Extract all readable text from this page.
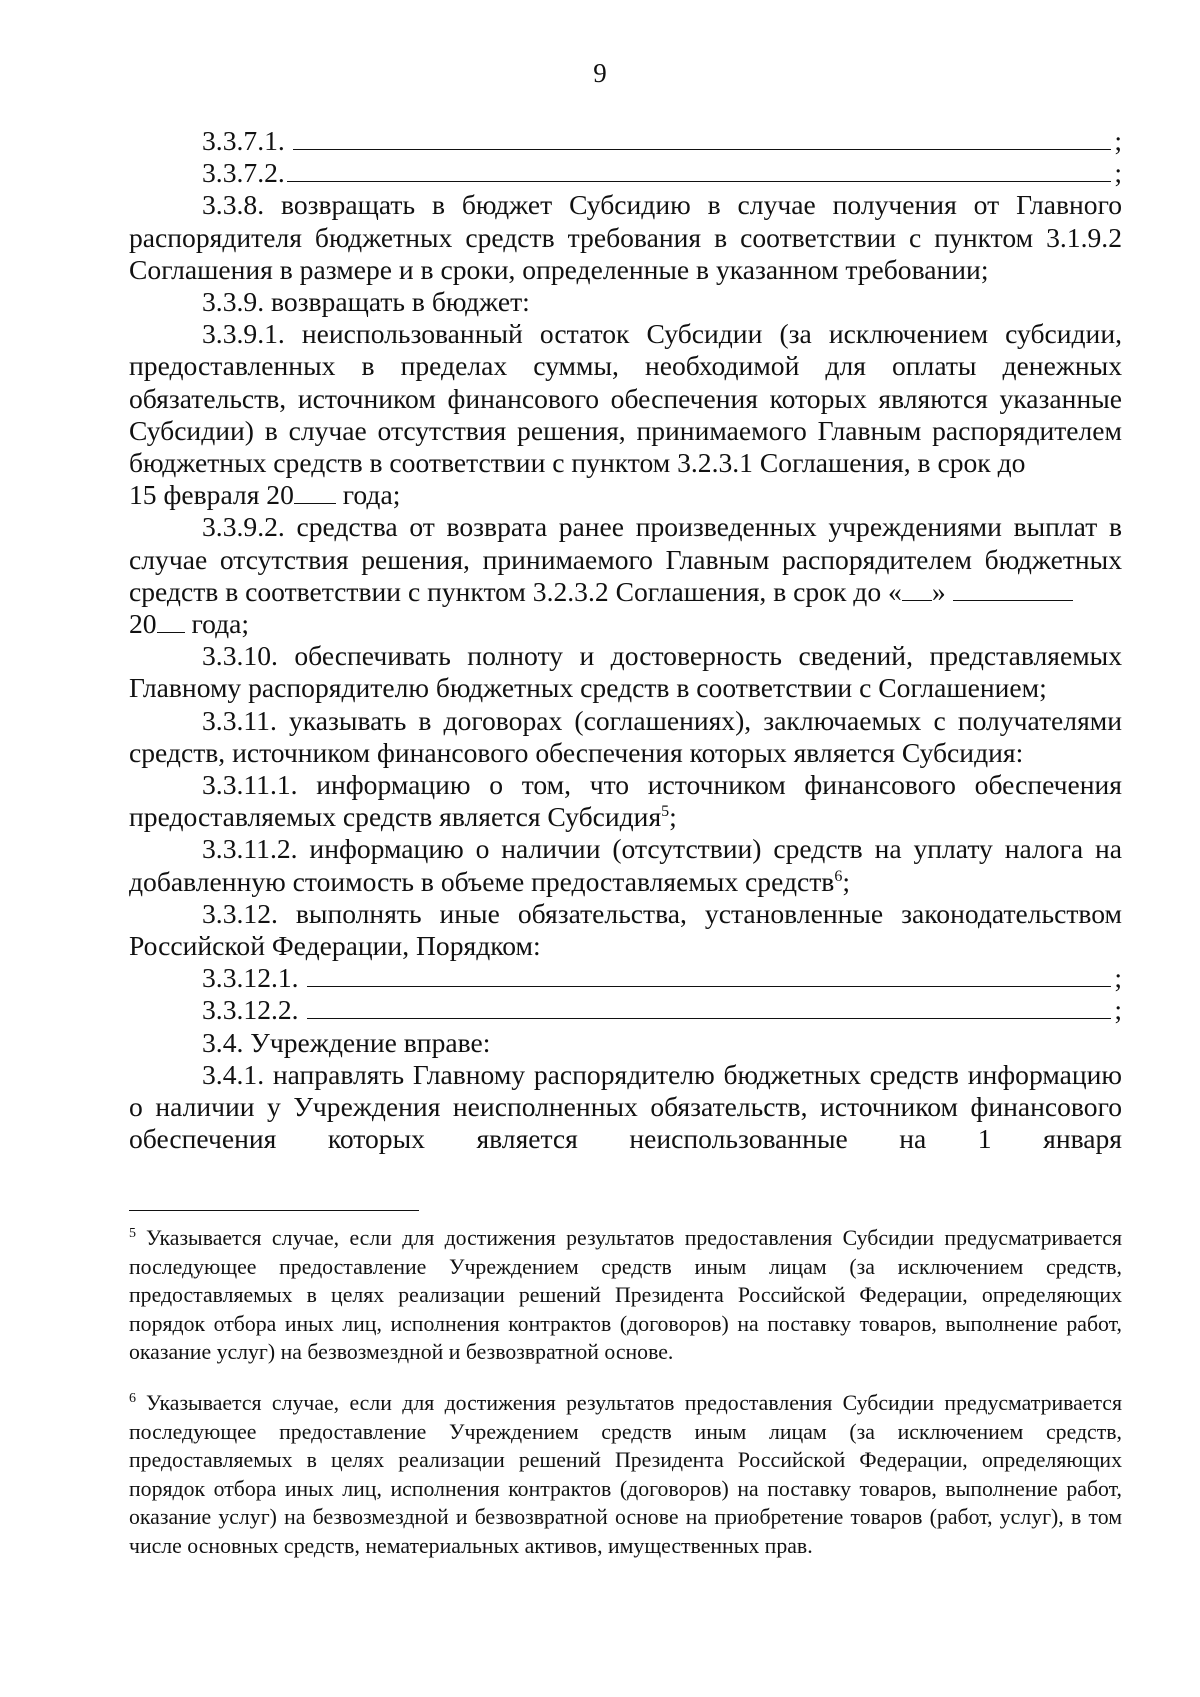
9
3.3.7.1.	;
3.3.7.2.	;

3.3.8. возвращать в бюджет Субсидию в случае получения от Главного распорядителя бюджетных средств требования в соответствии с пунктом 3.1.9.2 Соглашения в размере и в сроки, определенные в указанном требовании;

3.3.9. возвращать в бюджет:

3.3.9.1. неиспользованный остаток Субсидии (за исключением субсидии, предоставленных в пределах суммы, необходимой для оплаты денежных обязательств, источником финансового обеспечения которых являются указанные Субсидии) в случае отсутствия решения, принимаемого Главным распорядителем бюджетных средств в соответствии с пунктом 3.2.3.1 Соглашения, в срок до
15 февраля 20 года;

3.3.9.2. средства от возврата ранее произведенных учреждениями выплат в случае отсутствия решения, принимаемого Главным распорядителем бюджетных средств в соответствии с пунктом 3.2.3.2 Соглашения, в срок до « »
20 года;

3.3.10. обеспечивать полноту и достоверность сведений, представляемых Главному распорядителю бюджетных средств в соответствии с Соглашением;

3.3.11. указывать в договорах (соглашениях), заключаемых с получателями средств, источником финансового обеспечения которых является Субсидия:

3.3.11.1. информацию о том, что источником финансового обеспечения предоставляемых средств является Субсидия$^5$;

3.3.11.2. информацию о наличии (отсутствии) средств на уплату налога на добавленную стоимость в объеме предоставляемых средств$^6$;

3.3.12. выполнять иные обязательства, установленные законодательством Российской Федерации, Порядком:

3.3.12.1.	;
3.3.12.2.	;

3.4. Учреждение вправе:

3.4.1. направлять Главному распорядителю бюджетных средств информацию о наличии у Учреждения неисполненных обязательств, источником финансового обеспечения которых является неиспользованные на 1 января

$^5$ Указывается случае, если для достижения результатов предоставления Субсидии предусматривается последующее предоставление Учреждением средств иным лицам (за исключением средств, предоставляемых в целях реализации решений Президента Российской Федерации, определяющих порядок отбора иных лиц, исполнения контрактов (договоров) на поставку товаров, выполнение работ, оказание услуг) на безвозмездной и безвозвратной основе.

$^6$ Указывается случае, если для достижения результатов предоставления Субсидии предусматривается последующее предоставление Учреждением средств иным лицам (за исключением средств, предоставляемых в целях реализации решений Президента Российской Федерации, определяющих порядок отбора иных лиц, исполнения контрактов (договоров) на поставку товаров, выполнение работ, оказание услуг) на безвозмездной и безвозвратной основе на приобретение товаров (работ, услуг), в том числе основных средств, нематериальных активов, имущественных прав.
